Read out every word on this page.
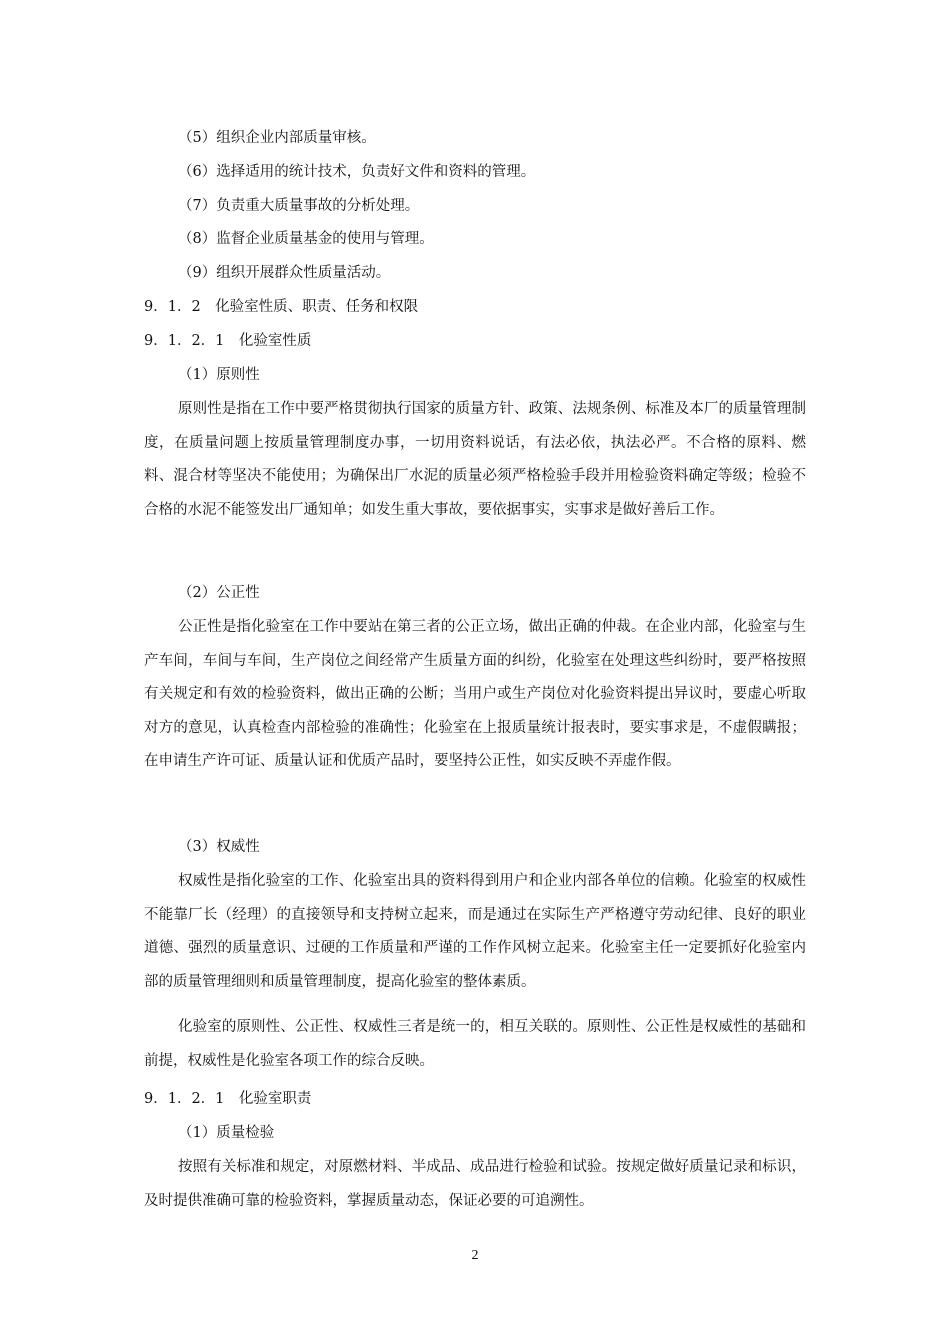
（5）组织企业内部质量审核。
（6）选择适用的统计技术，负责好文件和资料的管理。
（7）负责重大质量事故的分析处理。
（8）监督企业质量基金的使用与管理。
（9）组织开展群众性质量活动。
9．1．2　化验室性质、职责、任务和权限
9．1．2．1　化验室性质
（1）原则性
原则性是指在工作中要严格贯彻执行国家的质量方针、政策、法规条例、标准及本厂的质量管理制度，在质量问题上按质量管理制度办事，一切用资料说话，有法必依，执法必严。不合格的原料、燃料、混合材等坚决不能使用；为确保出厂水泥的质量必须严格检验手段并用检验资料确定等级；检验不合格的水泥不能签发出厂通知单；如发生重大事故，要依据事实，实事求是做好善后工作。
（2）公正性
公正性是指化验室在工作中要站在第三者的公正立场，做出正确的仲裁。在企业内部，化验室与生产车间，车间与车间，生产岗位之间经常产生质量方面的纠纷，化验室在处理这些纠纷时，要严格按照有关规定和有效的检验资料，做出正确的公断；当用户或生产岗位对化验资料提出异议时，要虚心听取对方的意见，认真检查内部检验的准确性；化验室在上报质量统计报表时，要实事求是，不虚假瞒报；在申请生产许可证、质量认证和优质产品时，要坚持公正性，如实反映不弄虚作假。
（3）权威性
权威性是指化验室的工作、化验室出具的资料得到用户和企业内部各单位的信赖。化验室的权威性不能靠厂长（经理）的直接领导和支持树立起来，而是通过在实际生产严格遵守劳动纪律、良好的职业道德、强烈的质量意识、过硬的工作质量和严谨的工作作风树立起来。化验室主任一定要抓好化验室内部的质量管理细则和质量管理制度，提高化验室的整体素质。
化验室的原则性、公正性、权威性三者是统一的，相互关联的。原则性、公正性是权威性的基础和前提，权威性是化验室各项工作的综合反映。
9．1．2．1　化验室职责
（1）质量检验
按照有关标准和规定，对原燃材料、半成品、成品进行检验和试验。按规定做好质量记录和标识，及时提供准确可靠的检验资料，掌握质量动态，保证必要的可追溯性。
2
